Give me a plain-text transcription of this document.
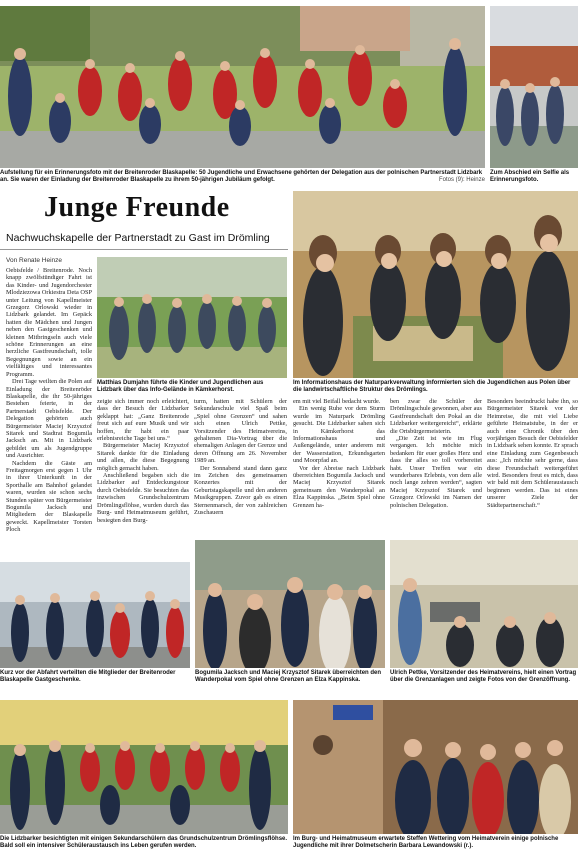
Aufstellung für ein Erinnerungsfoto mit der Breitenroder Blaskapelle: 50 Jugendliche und Erwachsene gehörten der Delegation aus der polnischen Partnerstadt Lidzbark an. Sie waren der Einladung der Breitenroder Blaskapelle zu ihrem 50-jährigen Jubiläum gefolgt.	Fotos (9): Heinze
Zum Abschied ein Selfie als Erinnerungsfoto.
Junge Freunde
Nachwuchskapelle der Partnerstadt zu Gast im Drömling
Von Renate Heinze

Oebisfelde / Breitenrode. Noch knapp zwölfstündiger Fahrt ist das Kinder- und Jugendorchester Mlodziezowa Orkiestra Deta OSP unter Leitung von Kapellmeister Grzegorz Orlowski wieder in Lidzbark gelandet. Im Gepäck hatten die Mädchen und Jungen neben den Gastgeschenken und kleinen Mitbringseln auch viele schöne Erinnerungen an eine herzliche Gastfreundschaft, tolle Begegnungen sowie an ein vielfältiges und interessantes Programm.

Drei Tage weilten die Polen auf Einladung der Breitenröder Blaskapelle, die ihr 50-jähriges Bestehen feierte, in der Partnerstadt Oebisfelde. Der Delegation gehörten auch Bürgermeister Maciej Krzysztof Sitarek und Stadtrat Bogumila Jacksch an. Mit in Lidzbark gebildet um als Jugendgruppe und Ausrichter.

Nachdem die Gäste am Freitagmorgen erst gegen 1 Uhr in ihrer Unterkunft in der Sporthalle am Bahnhof gelandet waren, wurden sie schon sechs Stunden später von Bürgermeister Bogumila Jacksch und Mitgliedern der Blaskapelle geweckt. Kapellmeister Torsten Ploch

Matthias Dumjahn führte die Kinder und Jugendlichen aus Lidzbark über das Info-Gelände in Kämkerhorst.
Im Informationshaus der Naturparkverwaltung informierten sich die Jugendlichen aus Polen über die landwirtschaftliche Struktur des Drömlings.

zeigte sich immer noch erleichtert, dass der Besuch der Lidzbarker geklappt hat: „Ganz Breitenrode freut sich auf eure Musik und wir hoffen, ihr habt ein paar erlebnisreiche Tage bei uns.“

Bürgermeister Maciej Krzysztof Sitarek dankte für die Einladung und allen, die diese Begegnung möglich gemacht haben.

Anschließend begaben sich die Lidzbarker auf Entdeckungstour durch Oebisfelde. Sie besuchten das inzwischen Grundschulzentrum Drömlingsflöhse, wurden durch das Burg- und Heimatmuseum geführt, besiegten den Burg-

turm, hatten mit Schülern der Sekundarschule viel Spaß beim „Spiel ohne Grenzen“ und sahen sich einen Ulrich Pettke, Vorsitzender des Heimatvereins, gehaltenen Dia-Vortrag über die ehemaligen Anlagen der Grenze und deren Öffnung am 26. November 1989 an.

Der Sonnabend stand dann ganz im Zeichen des gemeinsamen Konzertes mit der Geburtstagskapelle und den anderen Musikgruppen. Zuvor gab es einen Sternenmarsch, der von zahlreichen Zuschauern

em mit viel Beifall bedacht wurde.

Ein wenig Ruhe vor dem Sturm wurde im Naturpark Drömling gesucht. Die Lidzbarker sahen sich in Kämkerhorst das Informationshaus und Außengelände, unter anderem mit der Wasserstation, Erkundsgarten und Moorpfad an.

Vor der Abreise nach Lidzbark überreichten Bogumila Jacksch und Maciej Krzysztof Sitarek gemeinsam den Wanderpokal an Elza Kappinska. „Beim Spiel ohne Grenzen ha-

ben zwar die Schüler der Drömlingschule gewonnen, aber aus Gastfreundschaft den Pokal an die Lidzbarker weitergereicht“, erklärte die Ortsbürgermeisterin.

„Die Zeit ist wie im Flug vergangen. Ich möchte mich bedanken für euer großes Herz und dass ihr alles so toll vorbereitet habt. Unser Treffen war ein wunderbares Erlebnis, von dem alle noch lange zehren werden“, sagten Maciej Krzysztof Sitarek und Grzegorz Orlowski im Namen der polnischen Delegation.

Besonders beeindruckt habe ihn, so Bürgermeister Sitarek vor der Heimreise, die mit viel Liebe geführte Heimatstube, in der er auch eine Chronik über den vorjährigen Besuch der Oebisfelder in Lidzbark sehen konnte. Er sprach eine Einladung zum Gegenbesuch aus: „Ich möchte sehr gerne, dass diese Freundschaft weitergeführt wird. Besonders freut es mich, dass wir bald mit dem Schüleraustausch beginnen werden. Das ist eines unserer Ziele der Städtepartnerschaft.“

Kurz vor der Abfahrt verteilten die Mitglieder der Breitenroder Blaskapelle Gastgeschenke.
Bogumila Jacksch und Maciej Krzysztof Sitarek überreichten den Wanderpokal vom Spiel ohne Grenzen an Elza Kappinska.
Ulrich Pettke, Vorsitzender des Heimatvereins, hielt einen Vortrag über die Grenzanlagen und zeigte Fotos von der Grenzöffnung.
Die Lidzbarker besichtigten mit einigen Sekundarschülern das Grundschulzentrum Drömlingsflöhse. Bald soll ein intensiver Schüleraustausch ins Leben gerufen werden.
Im Burg- und Heimatmuseum erwartete Steffen Wettering vom Heimatverein einige polnische Jugendliche mit ihrer Dolmetscherin Barbara Lewandowski (r.).
